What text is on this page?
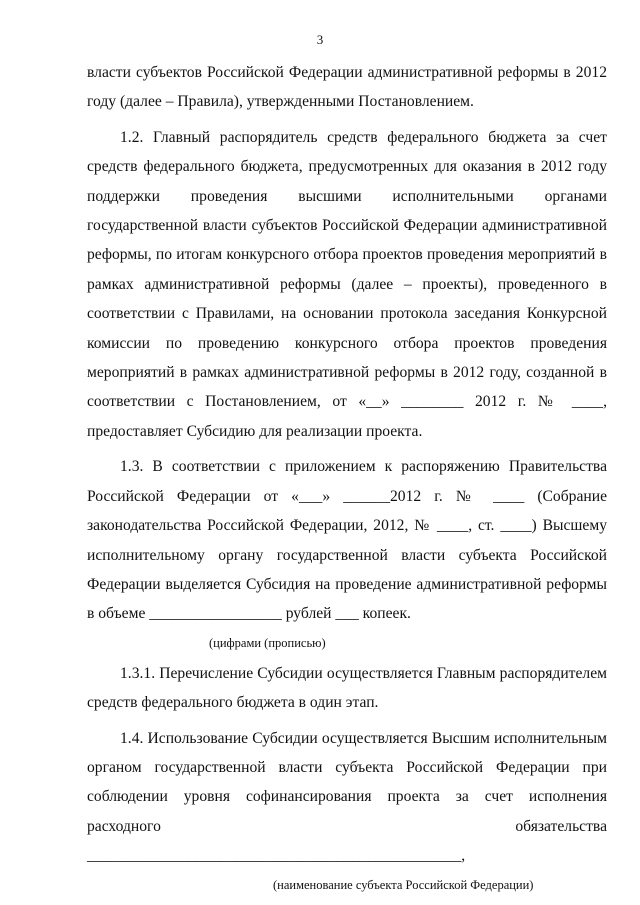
3

власти субъектов Российской Федерации административной реформы в 2012 году (далее – Правила), утвержденными Постановлением.

1.2. Главный распорядитель средств федерального бюджета за счет средств федерального бюджета, предусмотренных для оказания в 2012 году поддержки проведения высшими исполнительными органами государственной власти субъектов Российской Федерации административной реформы, по итогам конкурсного отбора проектов проведения мероприятий в рамках административной реформы (далее – проекты), проведенного в соответствии с Правилами, на основании протокола заседания Конкурсной комиссии по проведению конкурсного отбора проектов проведения мероприятий в рамках административной реформы в 2012 году, созданной в соответствии с Постановлением, от «__» ________ 2012 г. № ____, предоставляет Субсидию для реализации проекта.

1.3. В соответствии с приложением к распоряжению Правительства Российской Федерации от «___» ______2012 г. № ____ (Собрание законодательства Российской Федерации, 2012, № ____, ст. ____) Высшему исполнительному органу государственной власти субъекта Российской Федерации выделяется Субсидия на проведение административной реформы в объеме _________________ рублей ___ копеек.

(цифрами (прописью)

1.3.1. Перечисление Субсидии осуществляется Главным распорядителем средств федерального бюджета в один этап.

1.4. Использование Субсидии осуществляется Высшим исполнительным органом государственной власти субъекта Российской Федерации при соблюдении уровня софинансирования проекта за счет исполнения расходного обязательства ________________________________________________,

(наименование субъекта Российской Федерации)
